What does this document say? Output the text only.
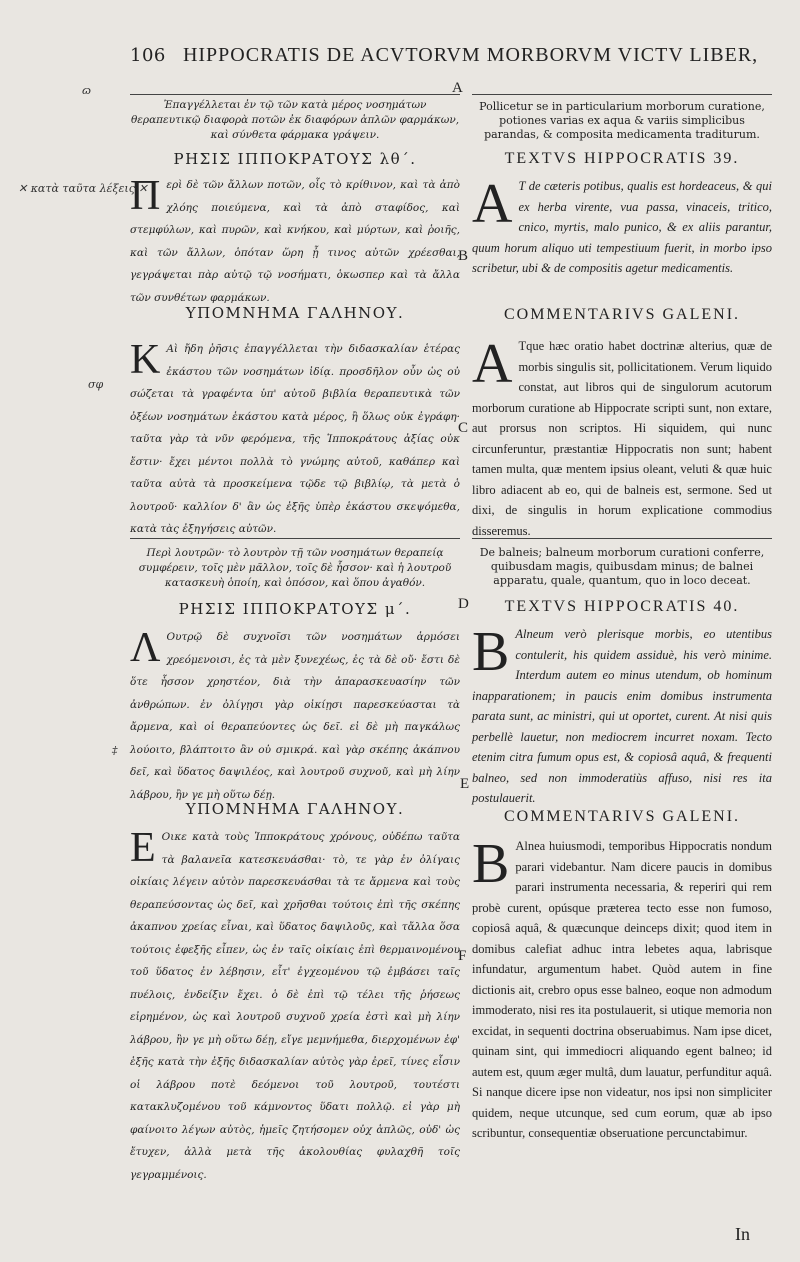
106 HIPPOCRATIS DE ACVTORVM MORBORVM VICTV LIBER,
ɷ
✕ κατὰ ταῦτα λέξεις ✕
σφ
‡
A
B
C
D
E
F
Ἐπαγγέλλεται ἐν τῷ τῶν κατὰ μέρος νοσημάτων θεραπευτικῷ διαφορὰ ποτῶν ἐκ διαφόρων ἁπλῶν φαρμάκων, καὶ σύνθετα φάρμακα γράψειν.
ΡΗΣΙΣ ΙΠΠΟΚΡΑΤΟΥΣ λθ΄.
Π ερὶ δὲ τῶν ἄλλων ποτῶν, οἷς τὸ κρίθινον, καὶ τὰ ἀπὸ χλόης ποιεύμενα, καὶ τὰ ἀπὸ σταφίδος, καὶ στεμφύλων, καὶ πυρῶν, καὶ κνήκου, καὶ μύρτων, καὶ ῥοιῆς, καὶ τῶν ἄλλων, ὁπόταν ὥρη ᾖ τινος αὐτῶν χρέεσθαι, γεγράψεται πὰρ αὐτῷ τῷ νοσήματι, ὁκωσπερ καὶ τὰ ἄλλα τῶν συνθέτων φαρμάκων.
ΥΠΟΜΝΗΜΑ ΓΑΛΗΝΟΥ.
Κ Αὶ ἤδη ῥῆσις ἐπαγγέλλεται τὴν διδασκαλίαν ἑτέρας ἐκάστου τῶν νοσημάτων ἰδίᾳ. προσδῆλον οὖν ὡς οὐ σώζεται τὰ γραφέντα ὑπ' αὐτοῦ βιβλία θεραπευτικὰ τῶν ὀξέων νοσημάτων ἑκάστου κατὰ μέρος, ἢ ὅλως οὐκ ἐγράφη· ταῦτα γὰρ τὰ νῦν φερόμενα, τῆς Ἱπποκράτους ἀξίας οὐκ ἔστιν· ἔχει μέντοι πολλὰ τὸ γνώμης αὐτοῦ, καθάπερ καὶ ταῦτα αὐτὰ τὰ προσκείμενα τῷδε τῷ βιβλίῳ, τὰ μετὰ ὁ λουτροῦ· καλλίον δ' ἂν ὡς ἐξῆς ὑπὲρ ἑκάστου σκεψόμεθα, κατὰ τὰς ἐξηγήσεις αὐτῶν.
Περὶ λουτρῶν· τὸ λουτρὸν τῇ τῶν νοσημάτων θεραπείᾳ συμφέρειν, τοῖς μὲν μᾶλλον, τοῖς δὲ ἧσσον· καὶ ἡ λουτροῦ κατασκευὴ ὁποίη, καὶ ὁπόσον, καὶ ὅπου ἀγαθόν.
ΡΗΣΙΣ ΙΠΠΟΚΡΑΤΟΥΣ μ΄.
Λ Ουτρῷ δὲ συχνοῖσι τῶν νοσημάτων ἁρμόσει χρεόμενοισι, ἐς τὰ μὲν ξυνεχέως, ἐς τὰ δὲ οὔ· ἔστι δὲ ὅτε ἧσσον χρηστέον, διὰ τὴν ἀπαρασκευασίην τῶν ἀνθρώπων. ἐν ὀλίγῃσι γὰρ οἰκίῃσι παρεσκεύασται τὰ ἄρμενα, καὶ οἱ θεραπεύοντες ὡς δεῖ. εἰ δὲ μὴ παγκάλως λούοιτο, βλάπτοιτο ἂν οὐ σμικρά. καὶ γὰρ σκέπης ἀκάπνου δεῖ, καὶ ὕδατος δαψιλέος, καὶ λουτροῦ συχνοῦ, καὶ μὴ λίην λάβρου, ἢν γε μὴ οὕτω δέῃ.
ΥΠΟΜΝΗΜΑ ΓΑΛΗΝΟΥ.
Ε Οικε κατὰ τοὺς Ἱπποκράτους χρόνους, οὐδέπω ταῦτα τὰ βαλανεῖα κατεσκευάσθαι· τὸ, τε γὰρ ἐν ὀλίγαις οἰκίαις λέγειν αὐτὸν παρεσκευάσθαι τὰ τε ἄρμενα καὶ τοὺς θεραπεύσοντας ὡς δεῖ, καὶ χρῆσθαι τούτοις ἐπὶ τῆς σκέπης ἀκαπνου χρείας εἶναι, καὶ ὕδατος δαψιλοῦς, καὶ τἄλλα ὅσα τούτοις ἐφεξῆς εἶπεν, ὡς ἐν ταῖς οἰκίαις ἐπὶ θερμαινομένου τοῦ ὕδατος ἐν λέβησιν, εἶτ' ἐγχεομένου τῷ ἐμβάσει ταῖς πυέλοις, ἐνδείξιν ἔχει. ὁ δὲ ἐπὶ τῷ τέλει τῆς ῥήσεως εἰρημένον, ὡς καὶ λουτροῦ συχνοῦ χρεία ἐστὶ καὶ μὴ λίην λάβρου, ἢν γε μὴ οὕτω δέῃ, εἴγε μεμνήμεθα, διερχομένων ἐφ' ἑξῆς κατὰ τὴν ἑξῆς διδασκαλίαν αὐτὸς γὰρ ἐρεῖ, τίνες εἶσιν οἱ λάβρου ποτὲ δεόμενοι τοῦ λουτροῦ, τουτέστι κατακλυζομένου τοῦ κάμνοντος ὕδατι πολλῷ. εἰ γὰρ μὴ φαίνοιτο λέγων αὐτὸς, ἡμεῖς ζητήσομεν οὐχ ἁπλῶς, οὐδ' ὡς ἔτυχεν, ἀλλὰ μετὰ τῆς ἀκολουθίας φυλαχθῆ τοῖς γεγραμμένοις.
Pollicetur se in particularium morborum curatione, potiones varias ex aqua & variis simplicibus parandas, & composita medicamenta traditurum.
TEXTVS HIPPOCRATIS 39.
A T de cæteris potibus, qualis est hordeaceus, & qui ex herba virente, vua passa, vinaceis, tritico, cnico, myrtis, malo punico, & ex aliis parantur, quum horum aliquo uti tempestiuum fuerit, in morbo ipso scribetur, ubi & de compositis agetur medicamentis.
COMMENTARIVS GALENI.
A Tque hæc oratio habet doctrinæ alterius, quæ de morbis singulis sit, pollicitationem. Verum liquido constat, aut libros qui de singulorum acutorum morborum curatione ab Hippocrate scripti sunt, non extare, aut prorsus non scriptos. Hi siquidem, qui nunc circunferuntur, præstantiæ Hippocratis non sunt; habent tamen multa, quæ mentem ipsius oleant, veluti & quæ huic libro adiacent ab eo, qui de balneis est, sermone. Sed ut dixi, de singulis in horum explicatione commodius disseremus.
De balneis; balneum morborum curationi conferre, quibusdam magis, quibusdam minus; de balnei apparatu, quale, quantum, quo in loco deceat.
TEXTVS HIPPOCRATIS 40.
B Alneum verò plerisque morbis, eo utentibus contulerit, his quidem assiduè, his verò minime. Interdum autem eo minus utendum, ob hominum inapparationem; in paucis enim domibus instrumenta parata sunt, ac ministri, qui ut oportet, curent. At nisi quis perbellè lauetur, non mediocrem incurret noxam. Tecto etenim citra fumum opus est, & copiosâ aquâ, & frequenti balneo, sed non immoderatiùs affuso, nisi res ita postulauerit.
COMMENTARIVS GALENI.
B Alnea huiusmodi, temporibus Hippocratis nondum parari videbantur. Nam dicere paucis in domibus parari instrumenta necessaria, & reperiri qui rem probè curent, opúsque præterea tecto esse non fumoso, copiosâ aquâ, & quæcunque deinceps dixit; quod item in domibus calefiat adhuc intra lebetes aqua, labrisque infundatur, argumentum habet. Quòd autem in fine dictionis ait, crebro opus esse balneo, eoque non admodum immoderato, nisi res ita postulauerit, si utique memoria non excidat, in sequenti doctrina obseruabimus. Nam ipse dicet, quinam sint, qui immediocri aliquando egent balneo; id autem est, quum æger multâ, dum lauatur, perfunditur aquâ. Si nanque dicere ipse non videatur, nos ipsi non simpliciter quidem, neque utcunque, sed cum eorum, quæ ab ipso scribuntur, consequentiæ obseruatione percunctabimur.
In
